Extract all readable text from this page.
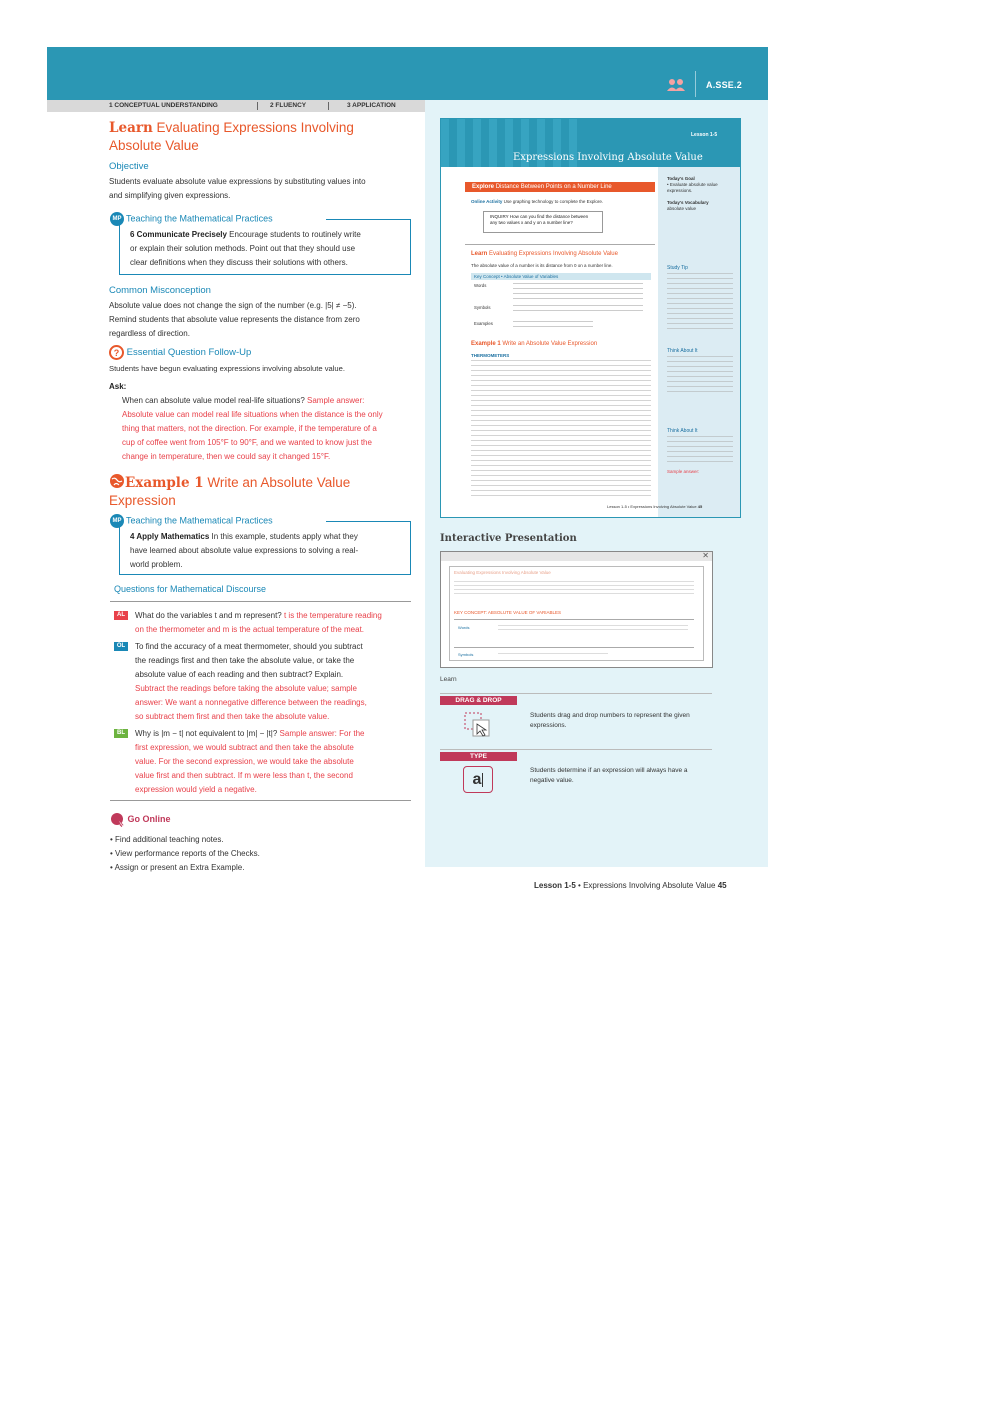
A.SSE.2
1 CONCEPTUAL UNDERSTANDING	2 FLUENCY	3 APPLICATION
Learn Evaluating Expressions Involving
Absolute Value
Objective
Students evaluate absolute value expressions by substituting values into
and simplifying given expressions.
MP Teaching the Mathematical Practices
6 Communicate Precisely Encourage students to routinely write
or explain their solution methods. Point out that they should use
clear definitions when they discuss their solutions with others.
Common Misconception
Absolute value does not change the sign of the number (e.g. |5| ≠ −5).
Remind students that absolute value represents the distance from zero
regardless of direction.
? Essential Question Follow-Up
Students have begun evaluating expressions involving absolute value.
Ask:
When can absolute value model real-life situations? Sample answer:
Absolute value can model real life situations when the distance is the only
thing that matters, not the direction. For example, if the temperature of a
cup of coffee went from 105°F to 90°F, and we wanted to know just the
change in temperature, then we could say it changed 15°F.
Example 1 Write an Absolute Value
Expression
MP Teaching the Mathematical Practices
4 Apply Mathematics In this example, students apply what they
have learned about absolute value expressions to solving a real-
world problem.
Questions for Mathematical Discourse
AL What do the variables t and m represent? t is the temperature reading
on the thermometer and m is the actual temperature of the meat.
OL To find the accuracy of a meat thermometer, should you subtract
the readings first and then take the absolute value, or take the
absolute value of each reading and then subtract? Explain.
Subtract the readings before taking the absolute value; sample
answer: We want a nonnegative difference between the readings,
so subtract them first and then take the absolute value.
BL Why is |m − t| not equivalent to |m| − |t|? Sample answer: For the
first expression, we would subtract and then take the absolute
value. For the second expression, we would take the absolute
value first and then subtract. If m were less than t, the second
expression would yield a negative.
Go Online
• Find additional teaching notes.
• View performance reports of the Checks.
• Assign or present an Extra Example.
Lesson 1-5
Expressions Involving Absolute Value
Explore Distance Between Points on a Number Line
Today's Goal
• Evaluate absolute value expressions.

Today's Vocabulary
absolute value
Online Activity Use graphing technology to complete the Explore.
INQUIRY How can you find the distance between any two values x and y on a number line?
Learn Evaluating Expressions Involving Absolute Value
The absolute value of a number is its distance from 0 on a number line.
Key Concept • Absolute Value of Variables
Words
Symbols
Examples
Example 1 Write an Absolute Value Expression
THERMOMETERS
Study Tip
Think About It
Think About It
Sample answer:
Lesson 1-5 • Expressions Involving Absolute Value 45
Interactive Presentation
✕
Evaluating Expressions Involving Absolute Value
KEY CONCEPT: ABSOLUTE VALUE OF VARIABLES
Words
Symbols
Learn
DRAG & DROP
Students drag and drop numbers to represent the given
expressions.
TYPE
a
Students determine if an expression will always have a
negative value.
Lesson 1-5 • Expressions Involving Absolute Value 45
